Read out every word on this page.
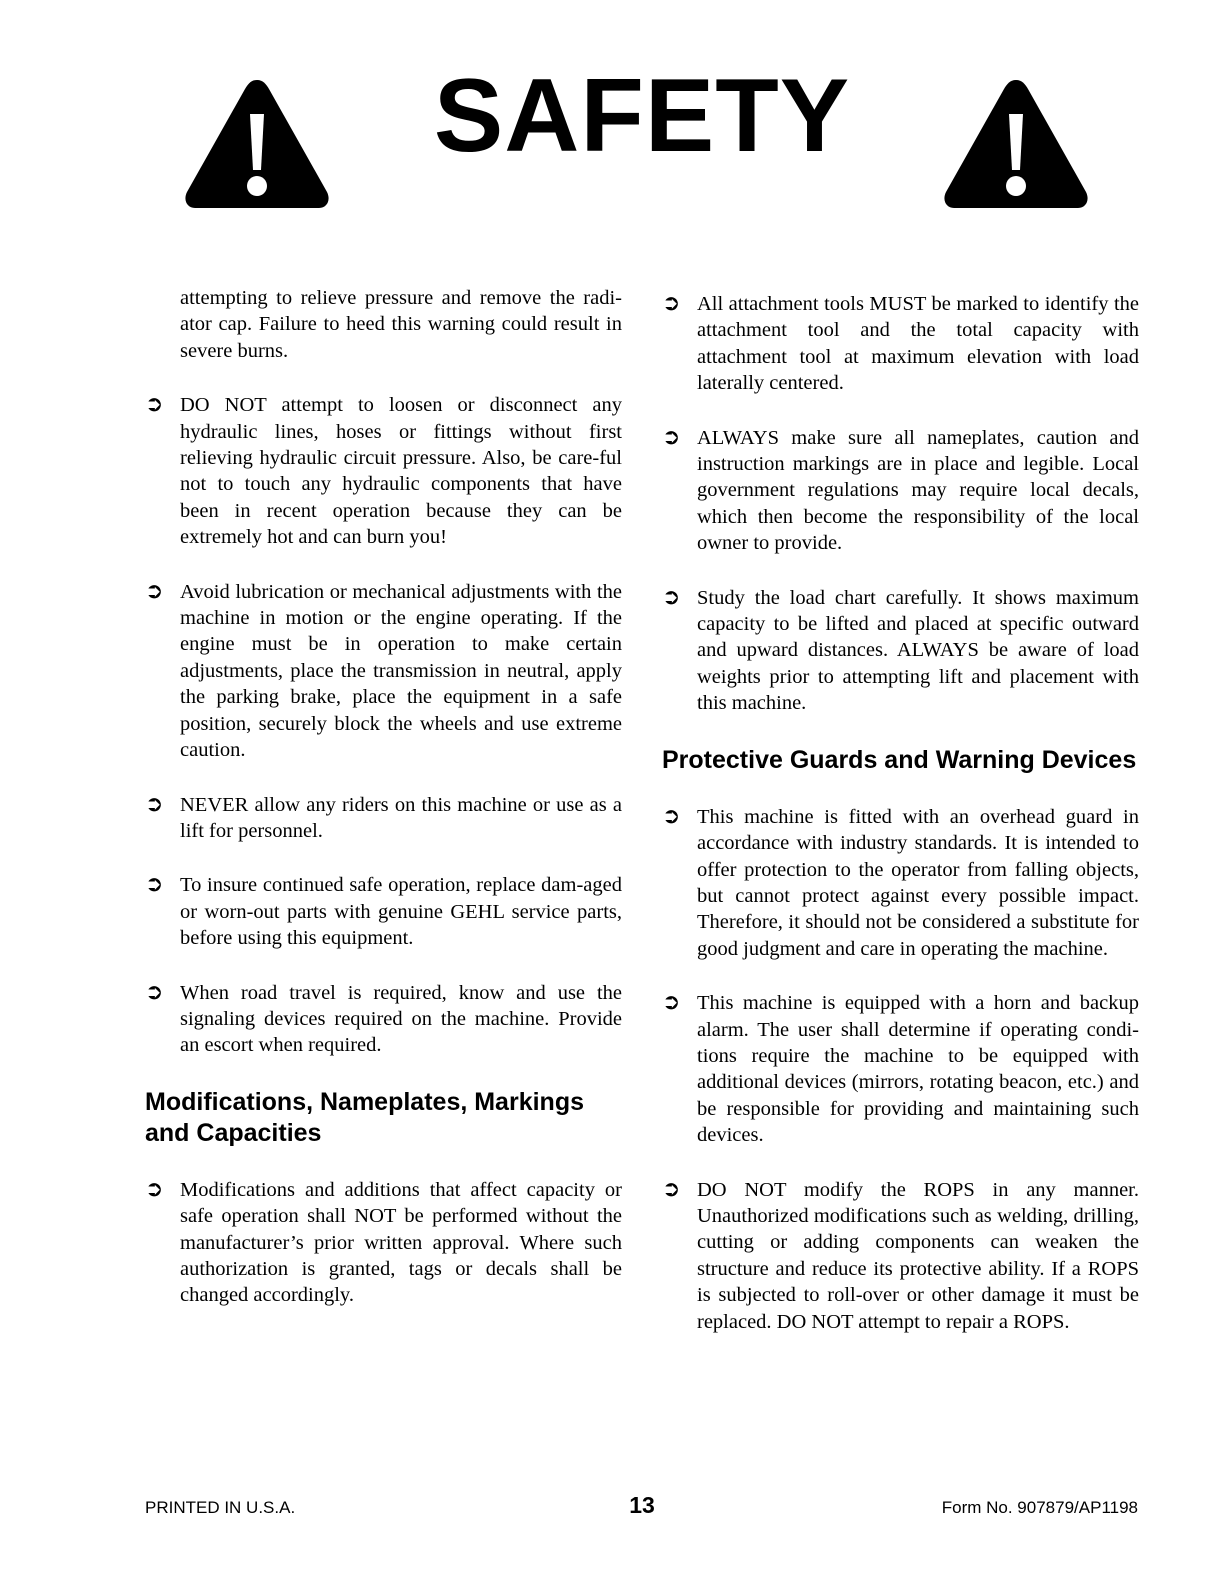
SAFETY

attempting to relieve pressure and remove the radi-ator cap. Failure to heed this warning could result in severe burns.

➲ DO NOT attempt to loosen or disconnect any hydraulic lines, hoses or fittings without first relieving hydraulic circuit pressure. Also, be care-ful not to touch any hydraulic components that have been in recent operation because they can be extremely hot and can burn you!

➲ Avoid lubrication or mechanical adjustments with the machine in motion or the engine operating. If the engine must be in operation to make certain adjustments, place the transmission in neutral, apply the parking brake, place the equipment in a safe position, securely block the wheels and use extreme caution.

➲ NEVER allow any riders on this machine or use as a lift for personnel.

➲ To insure continued safe operation, replace dam-aged or worn-out parts with genuine GEHL service parts, before using this equipment.

➲ When road travel is required, know and use the signaling devices required on the machine. Provide an escort when required.

Modifications, Nameplates, Markings and Capacities

➲ Modifications and additions that affect capacity or safe operation shall NOT be performed without the manufacturer’s prior written approval. Where such authorization is granted, tags or decals shall be changed accordingly.

➲ All attachment tools MUST be marked to identify the attachment tool and the total capacity with attachment tool at maximum elevation with load laterally centered.

➲ ALWAYS make sure all nameplates, caution and instruction markings are in place and legible. Local government regulations may require local decals, which then become the responsibility of the local owner to provide.

➲ Study the load chart carefully. It shows maximum capacity to be lifted and placed at specific outward and upward distances. ALWAYS be aware of load weights prior to attempting lift and placement with this machine.

Protective Guards and Warning Devices

➲ This machine is fitted with an overhead guard in accordance with industry standards. It is intended to offer protection to the operator from falling objects, but cannot protect against every possible impact. Therefore, it should not be considered a substitute for good judgment and care in operating the machine.

➲ This machine is equipped with a horn and backup alarm. The user shall determine if operating condi-tions require the machine to be equipped with additional devices (mirrors, rotating beacon, etc.) and be responsible for providing and maintaining such devices.

➲ DO NOT modify the ROPS in any manner. Unauthorized modifications such as welding, drilling, cutting or adding components can weaken the structure and reduce its protective ability. If a ROPS is subjected to roll-over or other damage it must be replaced. DO NOT attempt to repair a ROPS.

PRINTED IN U.S.A.	13	Form No. 907879/AP1198
